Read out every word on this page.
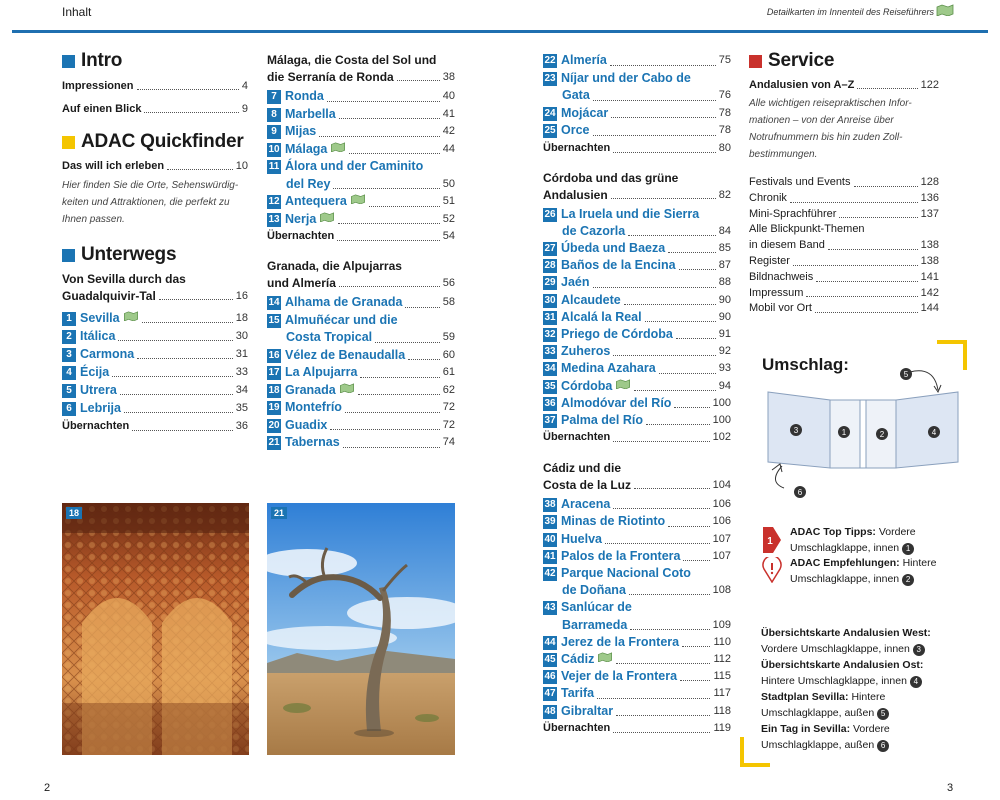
Inhalt	Detailkarten im Innenteil des Reiseführers
Intro
Impressionen	4
Auf einen Blick	9
ADAC Quickfinder
Das will ich erleben	10
Hier finden Sie die Orte, Sehenswürdig-
keiten und Attraktionen, die perfekt zu
Ihnen passen.
Unterwegs
Von Sevilla durch das
Guadalquivir-Tal	16
1 Sevilla	18
2 Itálica	30
3 Carmona	31
4 Écija	33
5 Utrera	34
6 Lebrija	35
Übernachten	36
18
Málaga, die Costa del Sol und
die Serranía de Ronda	38
7 Ronda	40
8 Marbella	41
9 Mijas	42
10 Málaga	44
11 Álora und der Caminito
del Rey	50
12 Antequera	51
13 Nerja	52
Übernachten	54
Granada, die Alpujarras
und Almería	56
14 Alhama de Granada	58
15 Almuñécar und die
Costa Tropical	59
16 Vélez de Benaudalla	60
17 La Alpujarra	61
18 Granada	62
19 Montefrío	72
20 Guadix	72
21 Tabernas	74
21
22 Almería	75
23 Níjar und der Cabo de
Gata	76
24 Mojácar	78
25 Orce	78
Übernachten	80
Córdoba und das grüne
Andalusien	82
26 La Iruela und die Sierra
de Cazorla	84
27 Úbeda und Baeza	85
28 Baños de la Encina	87
29 Jaén	88
30 Alcaudete	90
31 Alcalá la Real	90
32 Priego de Córdoba	91
33 Zuheros	92
34 Medina Azahara	93
35 Córdoba	94
36 Almodóvar del Río	100
37 Palma del Río	100
Übernachten	102
Cádiz und die
Costa de la Luz	104
38 Aracena	106
39 Minas de Riotinto	106
40 Huelva	107
41 Palos de la Frontera	107
42 Parque Nacional Coto
de Doñana	108
43 Sanlúcar de
Barrameda	109
44 Jerez de la Frontera	110
45 Cádiz	112
46 Vejer de la Frontera	115
47 Tarifa	117
48 Gibraltar	118
Übernachten	119
Service
Andalusien von A–Z	122
Alle wichtigen reisepraktischen Infor-
mationen – von der Anreise über
Notrufnummern bis hin zuden Zoll-
bestimmungen.
Festivals und Events	128
Chronik	136
Mini-Sprachführer	137
Alle Blickpunkt-Themen
in diesem Band	138
Register	138
Bildnachweis	141
Impressum	142
Mobil vor Ort	144
Umschlag:
3	1	2	4
5
6
ADAC Top Tipps: Vordere
Umschlagklappe, innen 1
1
ADAC Empfehlungen: Hintere
Umschlagklappe, innen 2
Übersichtskarte Andalusien West:
Vordere Umschlagklappe, innen 3
Übersichtskarte Andalusien Ost:
Hintere Umschlagklappe, innen 4
Stadtplan Sevilla: Hintere
Umschlagklappe, außen 5
Ein Tag in Sevilla: Vordere
Umschlagklappe, außen 6
2	3
